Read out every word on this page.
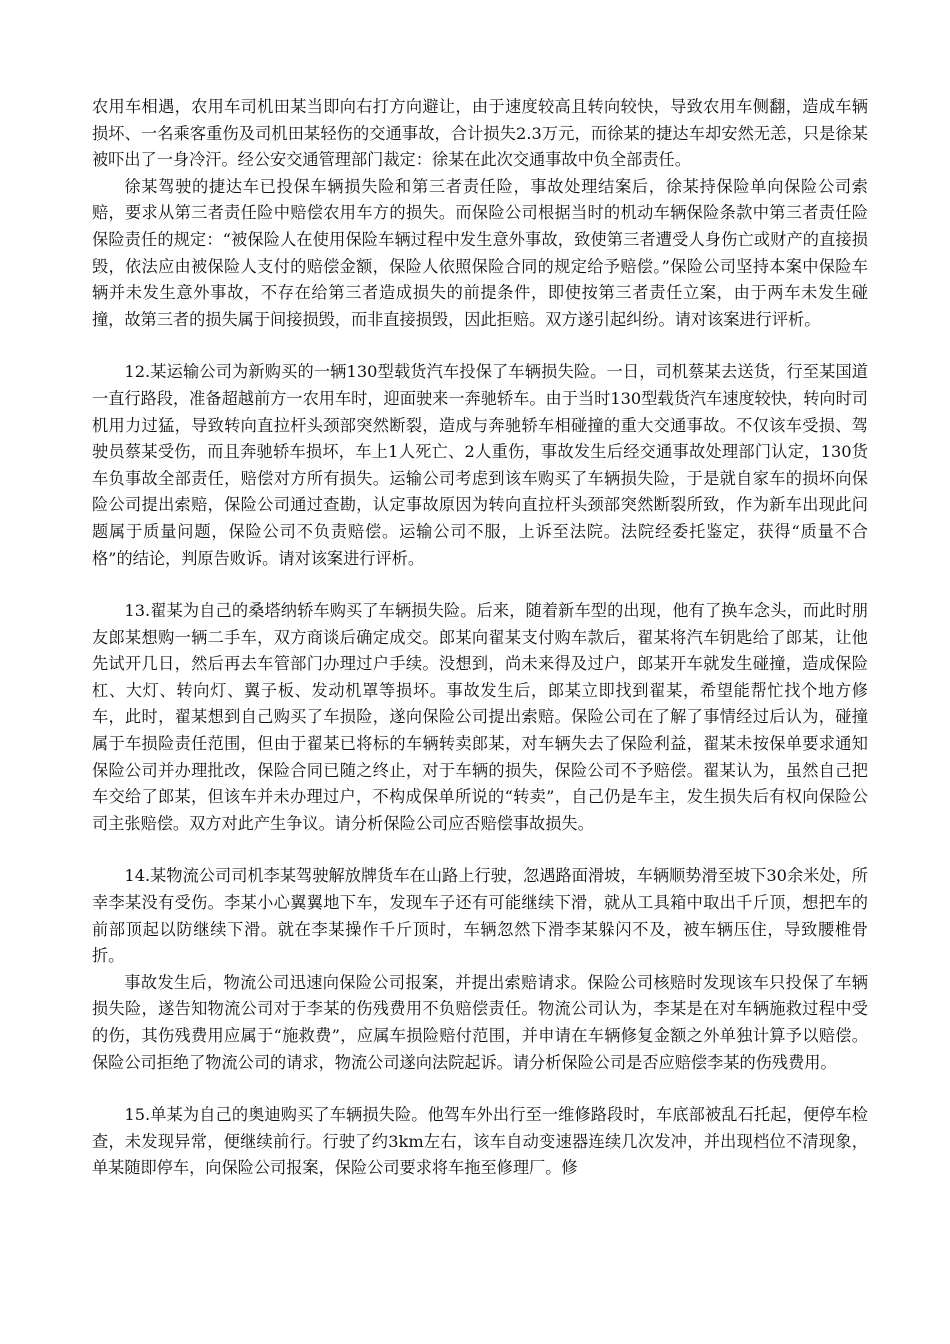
农用车相遇，农用车司机田某当即向右打方向避让，由于速度较高且转向较快，导致农用车侧翻，造成车辆损坏、一名乘客重伤及司机田某轻伤的交通事故，合计损失2.3万元，而徐某的捷达车却安然无恙，只是徐某被吓出了一身冷汗。经公安交通管理部门裁定：徐某在此次交通事故中负全部责任。

徐某驾驶的捷达车已投保车辆损失险和第三者责任险，事故处理结案后，徐某持保险单向保险公司索赔，要求从第三者责任险中赔偿农用车方的损失。而保险公司根据当时的机动车辆保险条款中第三者责任险保险责任的规定：“被保险人在使用保险车辆过程中发生意外事故，致使第三者遭受人身伤亡或财产的直接损毁，依法应由被保险人支付的赔偿金额，保险人依照保险合同的规定给予赔偿。”保险公司坚持本案中保险车辆并未发生意外事故，不存在给第三者造成损失的前提条件，即使按第三者责任立案，由于两车未发生碰撞，故第三者的损失属于间接损毁，而非直接损毁，因此拒赔。双方遂引起纠纷。请对该案进行评析。

12.某运输公司为新购买的一辆130型载货汽车投保了车辆损失险。一日，司机蔡某去送货，行至某国道一直行路段，准备超越前方一农用车时，迎面驶来一奔驰轿车。由于当时130型载货汽车速度较快，转向时司机用力过猛，导致转向直拉杆头颈部突然断裂，造成与奔驰轿车相碰撞的重大交通事故。不仅该车受损、驾驶员蔡某受伤，而且奔驰轿车损坏，车上1人死亡、2人重伤，事故发生后经交通事故处理部门认定，130货车负事故全部责任，赔偿对方所有损失。运输公司考虑到该车购买了车辆损失险，于是就自家车的损坏向保险公司提出索赔，保险公司通过查勘，认定事故原因为转向直拉杆头颈部突然断裂所致，作为新车出现此问题属于质量问题，保险公司不负责赔偿。运输公司不服，上诉至法院。法院经委托鉴定，获得“质量不合格”的结论，判原告败诉。请对该案进行评析。

13.翟某为自己的桑塔纳轿车购买了车辆损失险。后来，随着新车型的出现，他有了换车念头，而此时朋友郎某想购一辆二手车，双方商谈后确定成交。郎某向翟某支付购车款后，翟某将汽车钥匙给了郎某，让他先试开几日，然后再去车管部门办理过户手续。没想到，尚未来得及过户，郎某开车就发生碰撞，造成保险杠、大灯、转向灯、翼子板、发动机罩等损坏。事故发生后，郎某立即找到翟某，希望能帮忙找个地方修车，此时，翟某想到自己购买了车损险，遂向保险公司提出索赔。保险公司在了解了事情经过后认为，碰撞属于车损险责任范围，但由于翟某已将标的车辆转卖郎某，对车辆失去了保险利益，翟某未按保单要求通知保险公司并办理批改，保险合同已随之终止，对于车辆的损失，保险公司不予赔偿。翟某认为，虽然自己把车交给了郎某，但该车并未办理过户，不构成保单所说的“转卖”，自己仍是车主，发生损失后有权向保险公司主张赔偿。双方对此产生争议。请分析保险公司应否赔偿事故损失。

14.某物流公司司机李某驾驶解放牌货车在山路上行驶，忽遇路面滑坡，车辆顺势滑至坡下30余米处，所幸李某没有受伤。李某小心翼翼地下车，发现车子还有可能继续下滑，就从工具箱中取出千斤顶，想把车的前部顶起以防继续下滑。就在李某操作千斤顶时，车辆忽然下滑李某躲闪不及，被车辆压住，导致腰椎骨折。

事故发生后，物流公司迅速向保险公司报案，并提出索赔请求。保险公司核赔时发现该车只投保了车辆损失险，遂告知物流公司对于李某的伤残费用不负赔偿责任。物流公司认为，李某是在对车辆施救过程中受的伤，其伤残费用应属于“施救费”，应属车损险赔付范围，并申请在车辆修复金额之外单独计算予以赔偿。保险公司拒绝了物流公司的请求，物流公司遂向法院起诉。请分析保险公司是否应赔偿李某的伤残费用。

15.单某为自己的奥迪购买了车辆损失险。他驾车外出行至一维修路段时，车底部被乱石托起，便停车检查，未发现异常，便继续前行。行驶了约3km左右，该车自动变速器连续几次发冲，并出现档位不清现象，单某随即停车，向保险公司报案，保险公司要求将车拖至修理厂。修
